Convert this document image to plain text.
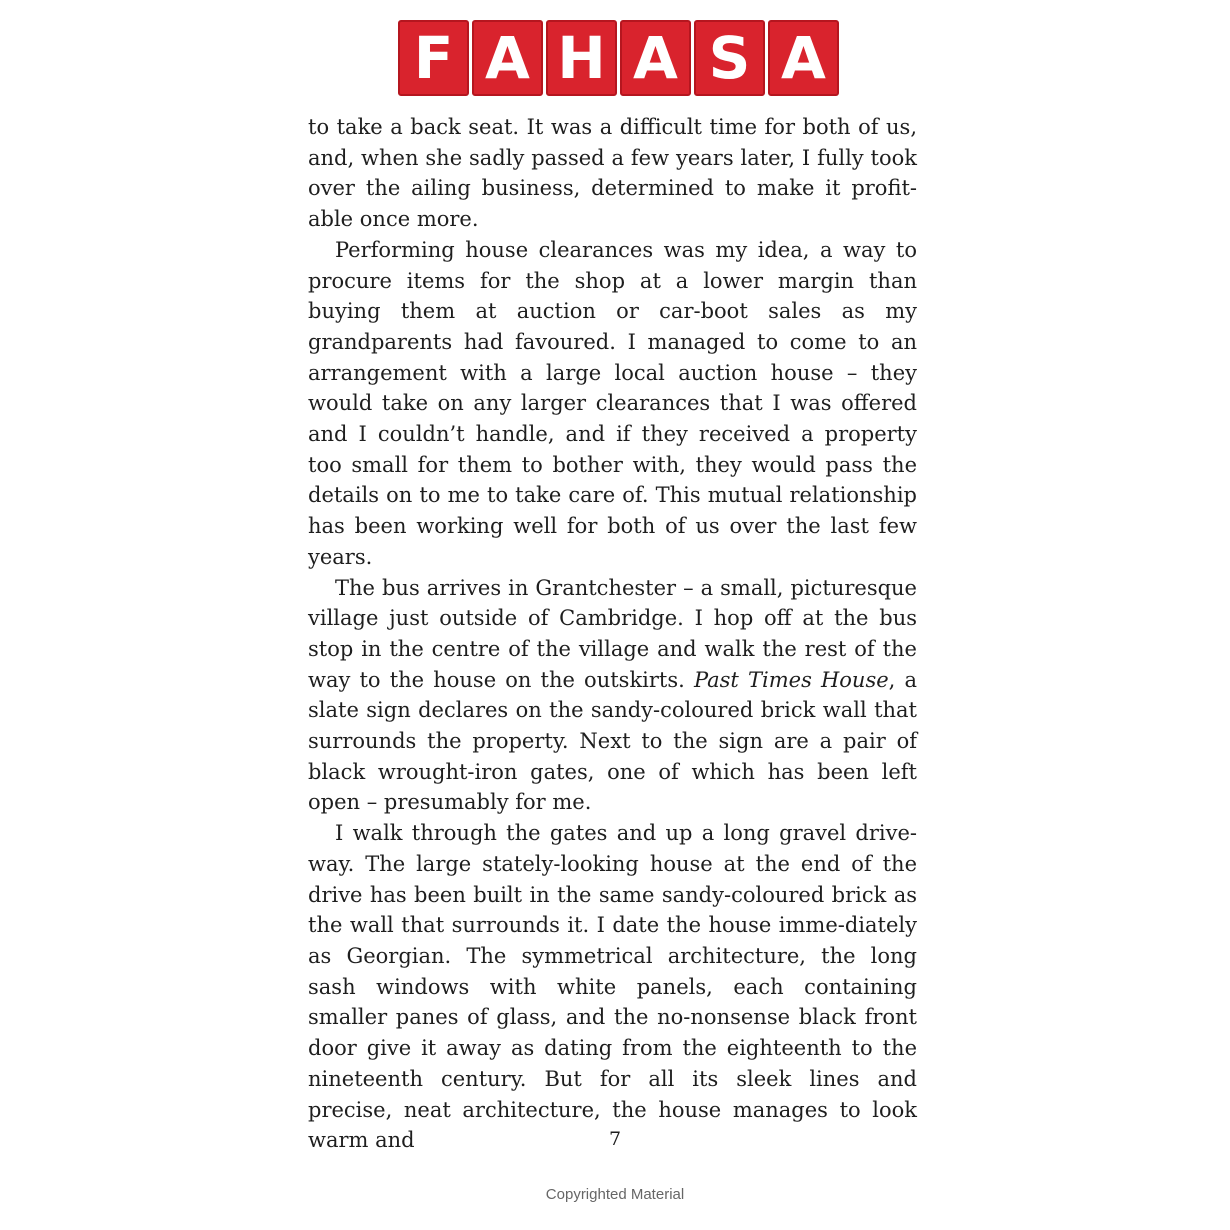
F A H A S A

to take a back seat. It was a difficult time for both of us, and, when she sadly passed a few years later, I fully took over the ailing business, determined to make it profit-able once more.

Performing house clearances was my idea, a way to procure items for the shop at a lower margin than buying them at auction or car-boot sales as my grandparents had favoured. I managed to come to an arrangement with a large local auction house – they would take on any larger clearances that I was offered and I couldn’t handle, and if they received a property too small for them to bother with, they would pass the details on to me to take care of. This mutual relationship has been working well for both of us over the last few years.

The bus arrives in Grantchester – a small, picturesque village just outside of Cambridge. I hop off at the bus stop in the centre of the village and walk the rest of the way to the house on the outskirts. Past Times House, a slate sign declares on the sandy-coloured brick wall that surrounds the property. Next to the sign are a pair of black wrought-iron gates, one of which has been left open – presumably for me.

I walk through the gates and up a long gravel drive-way. The large stately-looking house at the end of the drive has been built in the same sandy-coloured brick as the wall that surrounds it. I date the house imme-diately as Georgian. The symmetrical architecture, the long sash windows with white panels, each containing smaller panes of glass, and the no-nonsense black front door give it away as dating from the eighteenth to the nineteenth century. But for all its sleek lines and precise, neat architecture, the house manages to look warm and	7
Copyrighted Material
